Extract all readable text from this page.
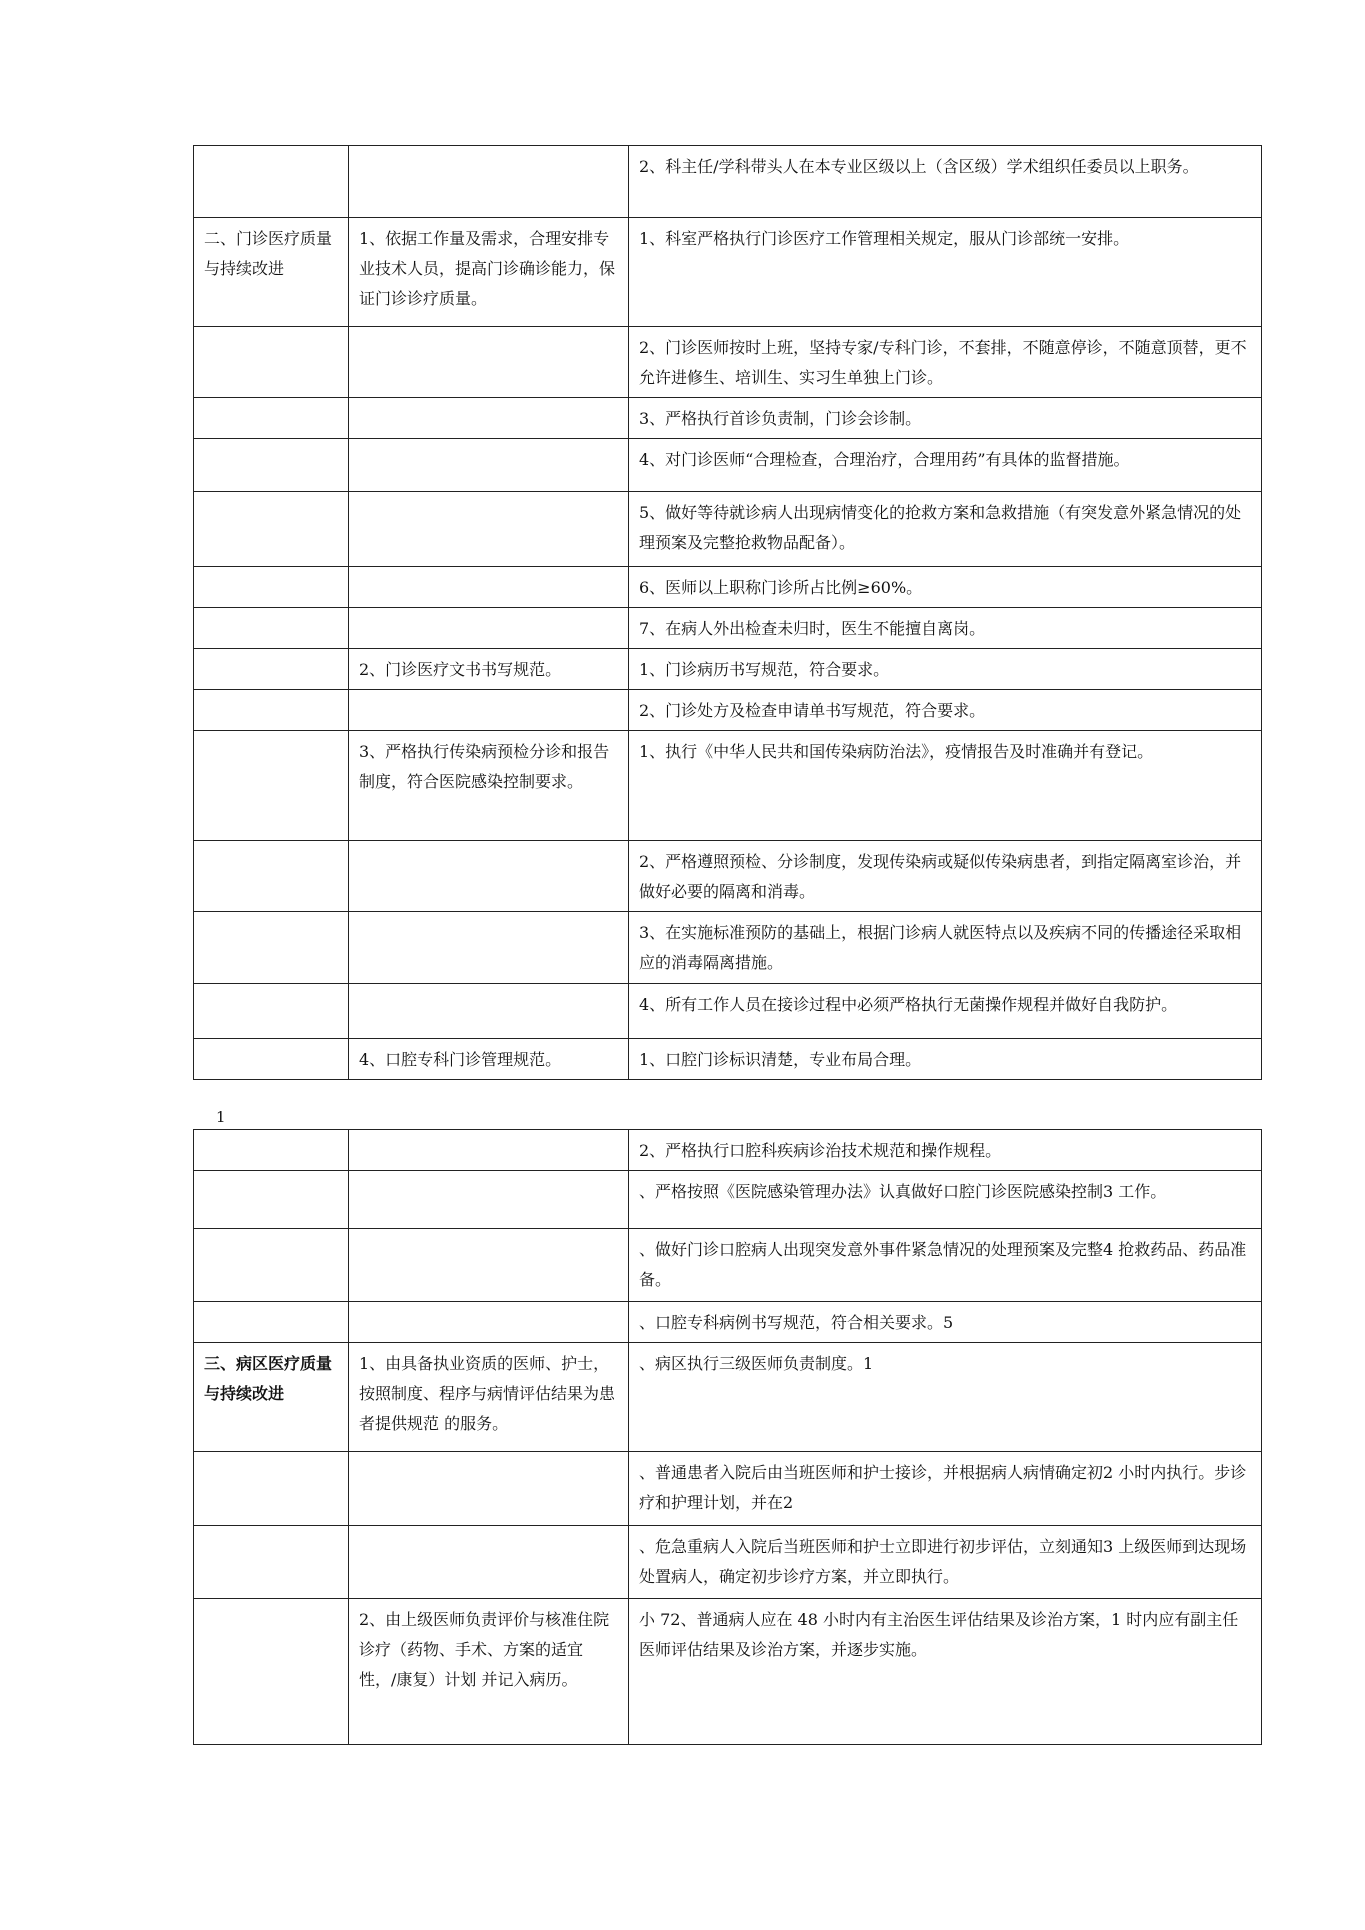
		2、科主任/学科带头人在本专业区级以上（含区级）学术组织任委员以上职务。
二、门诊医疗质量与持续改进	1、依据工作量及需求，合理安排专业技术人员，提高门诊确诊能力，保证门诊诊疗质量。	1、科室严格执行门诊医疗工作管理相关规定，服从门诊部统一安排。
		2、门诊医师按时上班，坚持专家/专科门诊，不套排，不随意停诊，不随意顶替，更不允许进修生、培训生、实习生单独上门诊。
		3、严格执行首诊负责制，门诊会诊制。
		4、对门诊医师“合理检查，合理治疗，合理用药”有具体的监督措施。
		5、做好等待就诊病人出现病情变化的抢救方案和急救措施（有突发意外紧急情况的处理预案及完整抢救物品配备）。
		6、医师以上职称门诊所占比例≥60%。
		7、在病人外出检查未归时，医生不能擅自离岗。
	2、门诊医疗文书书写规范。	1、门诊病历书写规范，符合要求。
		2、门诊处方及检查申请单书写规范，符合要求。
	3、严格执行传染病预检分诊和报告制度，符合医院感染控制要求。	1、执行《中华人民共和国传染病防治法》，疫情报告及时准确并有登记。
		2、严格遵照预检、分诊制度，发现传染病或疑似传染病患者，到指定隔离室诊治，并做好必要的隔离和消毒。
		3、在实施标准预防的基础上，根据门诊病人就医特点以及疾病不同的传播途径采取相应的消毒隔离措施。
		4、所有工作人员在接诊过程中必须严格执行无菌操作规程并做好自我防护。
	4、口腔专科门诊管理规范。	1、口腔门诊标识清楚，专业布局合理。
1
		2、严格执行口腔科疾病诊治技术规范和操作规程。
		、严格按照《医院感染管理办法》认真做好口腔门诊医院感染控制3 工作。
		、做好门诊口腔病人出现突发意外事件紧急情况的处理预案及完整4 抢救药品、药品准备。
		、口腔专科病例书写规范，符合相关要求。5
三、病区医疗质量与持续改进	1、由具备执业资质的医师、护士，按照制度、程序与病情评估结果为患者提供规范 的服务。	、病区执行三级医师负责制度。1
		、普通患者入院后由当班医师和护士接诊，并根据病人病情确定初2 小时内执行。步诊疗和护理计划，并在2
		、危急重病人入院后当班医师和护士立即进行初步评估，立刻通知3 上级医师到达现场处置病人，确定初步诊疗方案，并立即执行。
	2、由上级医师负责评价与核准住院诊疗（药物、手术、方案的适宜性，/康复）计划 并记入病历。	小 72、普通病人应在 48 小时内有主治医生评估结果及诊治方案，1 时内应有副主任医师评估结果及诊治方案，并逐步实施。
